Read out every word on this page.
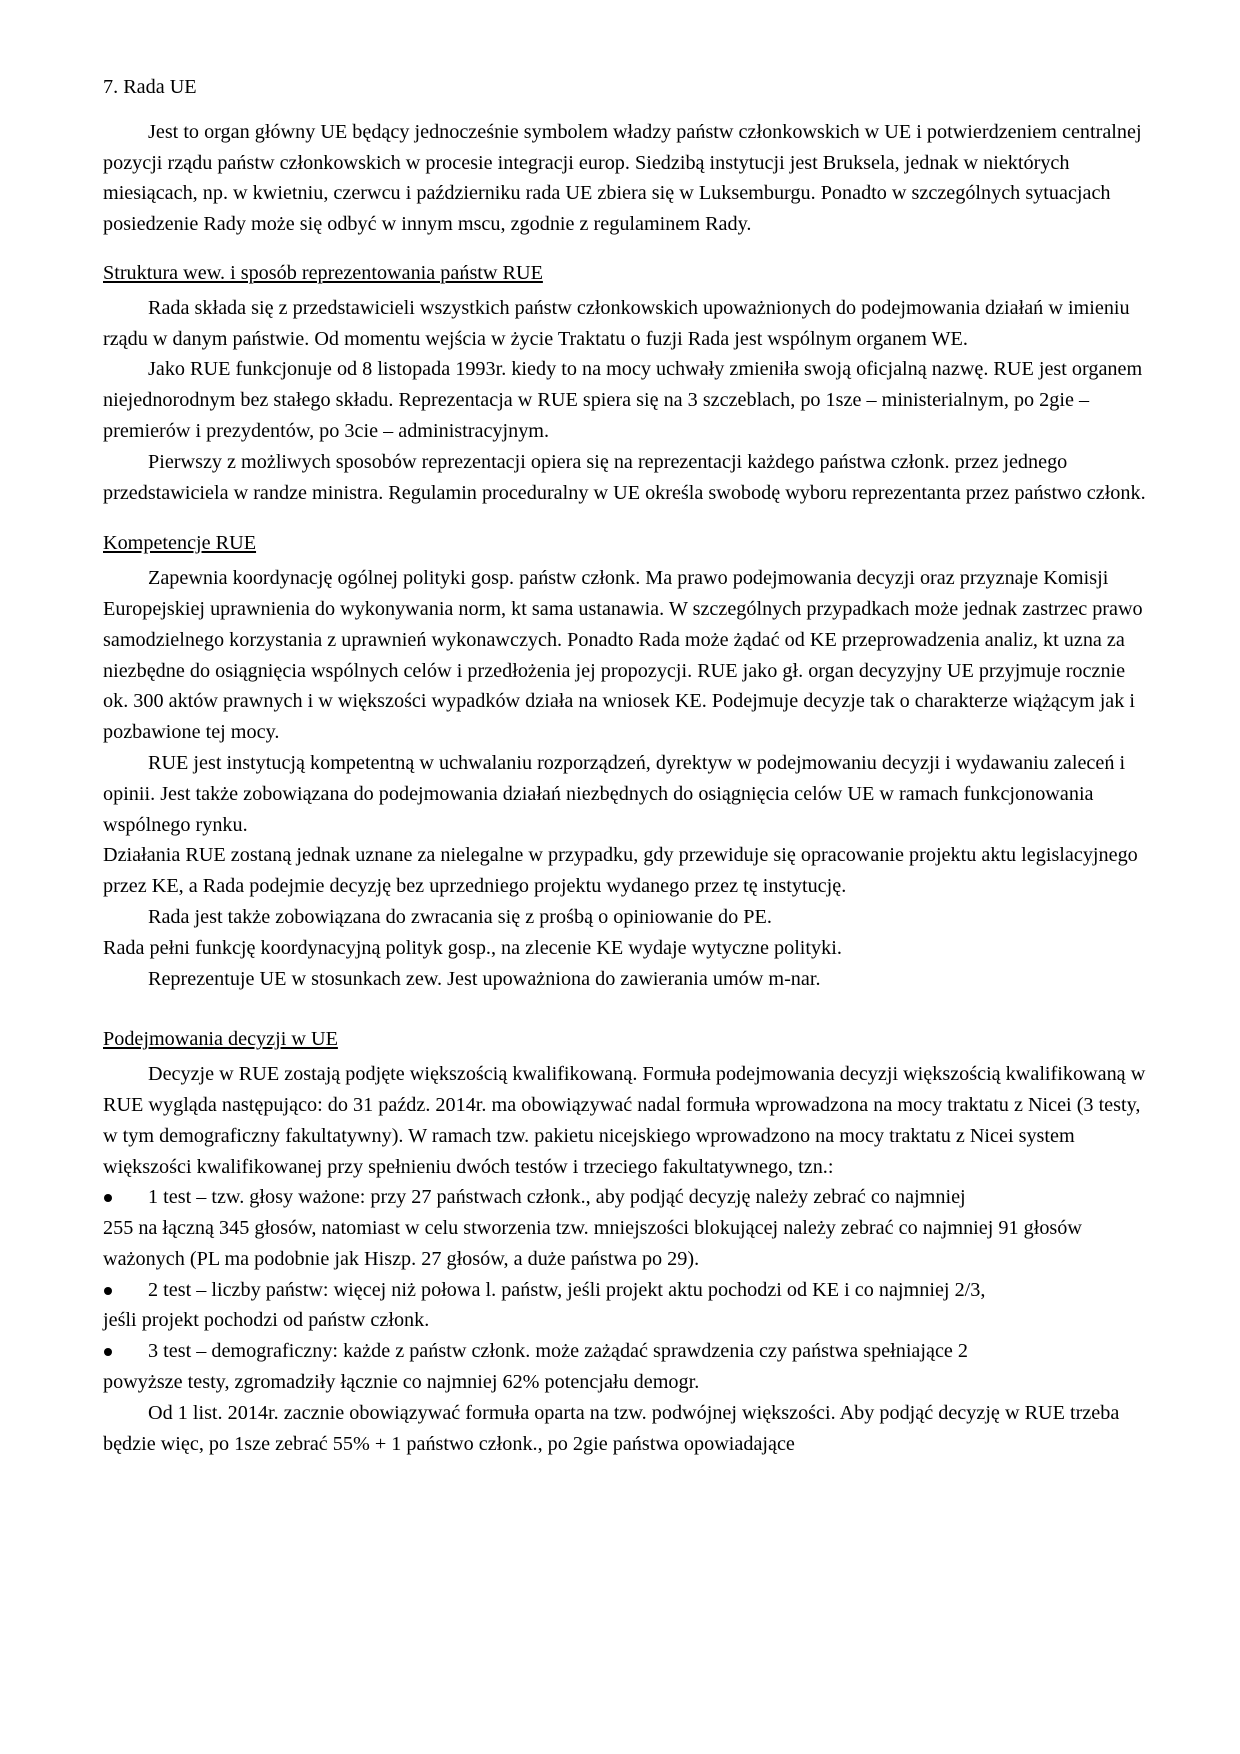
7. Rada UE

Jest to organ główny UE będący jednocześnie symbolem władzy państw członkowskich w UE i potwierdzeniem centralnej pozycji rządu państw członkowskich w procesie integracji europ. Siedzibą instytucji jest Bruksela, jednak w niektórych miesiącach, np. w kwietniu, czerwcu i październiku rada UE zbiera się w Luksemburgu. Ponadto w szczególnych sytuacjach posiedzenie Rady może się odbyć w innym mscu, zgodnie z regulaminem Rady.

Struktura wew. i sposób reprezentowania państw RUE

Rada składa się z przedstawicieli wszystkich państw członkowskich upoważnionych do podejmowania działań w imieniu rządu w danym państwie. Od momentu wejścia w życie Traktatu o fuzji Rada jest wspólnym organem WE.

Jako RUE funkcjonuje od 8 listopada 1993r. kiedy to na mocy uchwały zmieniła swoją oficjalną nazwę. RUE jest organem niejednorodnym bez stałego składu. Reprezentacja w RUE spiera się na 3 szczeblach, po 1sze – ministerialnym, po 2gie – premierów i prezydentów, po 3cie – administracyjnym.

Pierwszy z możliwych sposobów reprezentacji opiera się na reprezentacji każdego państwa członk. przez jednego przedstawiciela w randze ministra. Regulamin proceduralny w UE określa swobodę wyboru reprezentanta przez państwo członk.

Kompetencje RUE

Zapewnia koordynację ogólnej polityki gosp. państw członk. Ma prawo podejmowania decyzji oraz przyznaje Komisji Europejskiej uprawnienia do wykonywania norm, kt sama ustanawia. W szczególnych przypadkach może jednak zastrzec prawo samodzielnego korzystania z uprawnień wykonawczych. Ponadto Rada może żądać od KE przeprowadzenia analiz, kt uzna za niezbędne do osiągnięcia wspólnych celów i przedłożenia jej propozycji. RUE jako gł. organ decyzyjny UE przyjmuje rocznie ok. 300 aktów prawnych i w większości wypadków działa na wniosek KE. Podejmuje decyzje tak o charakterze wiążącym jak i pozbawione tej mocy.

RUE jest instytucją kompetentną w uchwalaniu rozporządzeń, dyrektyw w podejmowaniu decyzji i wydawaniu zaleceń i opinii. Jest także zobowiązana do podejmowania działań niezbędnych do osiągnięcia celów UE w ramach funkcjonowania wspólnego rynku.

Działania RUE zostaną jednak uznane za nielegalne w przypadku, gdy przewiduje się opracowanie projektu aktu legislacyjnego przez KE, a Rada podejmie decyzję bez uprzedniego projektu wydanego przez tę instytucję.

Rada jest także zobowiązana do zwracania się z prośbą o opiniowanie do PE.

Rada pełni funkcję koordynacyjną polityk gosp., na zlecenie KE wydaje wytyczne polityki.

Reprezentuje UE w stosunkach zew. Jest upoważniona do zawierania umów m-nar.

Podejmowania decyzji w UE

Decyzje w RUE zostają podjęte większością kwalifikowaną. Formuła podejmowania decyzji większością kwalifikowaną w RUE wygląda następująco: do 31 paźdz. 2014r. ma obowiązywać nadal formuła wprowadzona na mocy traktatu z Nicei (3 testy, w tym demograficzny fakultatywny). W ramach tzw. pakietu nicejskiego wprowadzono na mocy traktatu z Nicei system większości kwalifikowanej przy spełnieniu dwóch testów i trzeciego fakultatywnego, tzn.:

1 test – tzw. głosy ważone: przy 27 państwach członk., aby podjąć decyzję należy zebrać co najmniej
255 na łączną 345 głosów, natomiast w celu stworzenia tzw. mniejszości blokującej należy zebrać co najmniej 91 głosów ważonych (PL ma podobnie jak Hiszp. 27 głosów, a duże państwa po 29).
2 test – liczby państw: więcej niż połowa l. państw, jeśli projekt aktu pochodzi od KE i co najmniej 2/3,
jeśli projekt pochodzi od państw członk.
3 test – demograficzny: każde z państw członk. może zażądać sprawdzenia czy państwa spełniające 2
powyższe testy, zgromadziły łącznie co najmniej 62% potencjału demogr.

Od 1 list. 2014r. zacznie obowiązywać formuła oparta na tzw. podwójnej większości. Aby podjąć decyzję w RUE trzeba będzie więc, po 1sze zebrać 55% + 1 państwo członk., po 2gie państwa opowiadające
